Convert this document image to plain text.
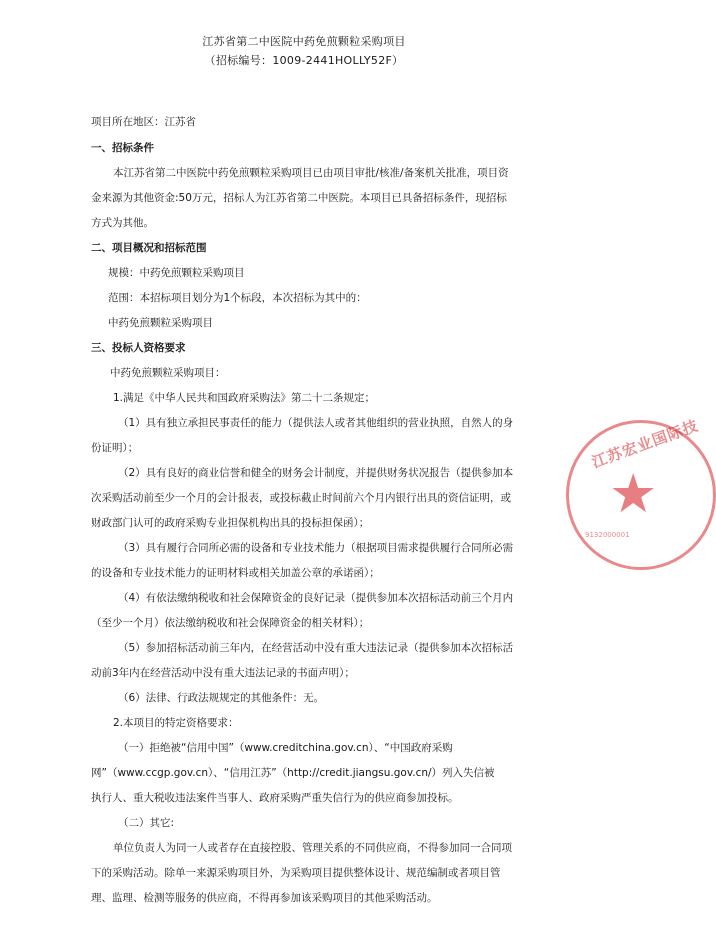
江苏省第二中医院中药免煎颗粒采购项目
（招标编号：1009-2441HOLLY52F）
项目所在地区：江苏省
一、招标条件
本江苏省第二中医院中药免煎颗粒采购项目已由项目审批/核准/备案机关批准，项目资
金来源为其他资金:50万元，招标人为江苏省第二中医院。本项目已具备招标条件，现招标
方式为其他。
二、项目概况和招标范围
规模：中药免煎颗粒采购项目
范围：本招标项目划分为1个标段，本次招标为其中的：
中药免煎颗粒采购项目
三、投标人资格要求
中药免煎颗粒采购项目：
1.满足《中华人民共和国政府采购法》第二十二条规定；
（1）具有独立承担民事责任的能力（提供法人或者其他组织的营业执照，自然人的身
份证明）；
（2）具有良好的商业信誉和健全的财务会计制度，并提供财务状况报告（提供参加本
次采购活动前至少一个月的会计报表，或投标截止时间前六个月内银行出具的资信证明，或
财政部门认可的政府采购专业担保机构出具的投标担保函）；
（3）具有履行合同所必需的设备和专业技术能力（根据项目需求提供履行合同所必需
的设备和专业技术能力的证明材料或相关加盖公章的承诺函）；
（4）有依法缴纳税收和社会保障资金的良好记录（提供参加本次招标活动前三个月内
（至少一个月）依法缴纳税收和社会保障资金的相关材料）；
（5）参加招标活动前三年内，在经营活动中没有重大违法记录（提供参加本次招标活
动前3年内在经营活动中没有重大违法记录的书面声明）；
（6）法律、行政法规规定的其他条件：无。
2.本项目的特定资格要求：
（一）拒绝被“信用中国”（www.creditchina.gov.cn）、“中国政府采购
网”（www.ccgp.gov.cn）、“信用江苏”（http://credit.jiangsu.gov.cn/）列入失信被
执行人、重大税收违法案件当事人、政府采购严重失信行为的供应商参加投标。
（二）其它:
单位负责人为同一人或者存在直接控股、管理关系的不同供应商，不得参加同一合同项
下的采购活动。除单一来源采购项目外，为采购项目提供整体设计、规范编制或者项目管
理、监理、检测等服务的供应商，不得再参加该采购项目的其他采购活动。
江苏宏业国际技
★
9132000001
